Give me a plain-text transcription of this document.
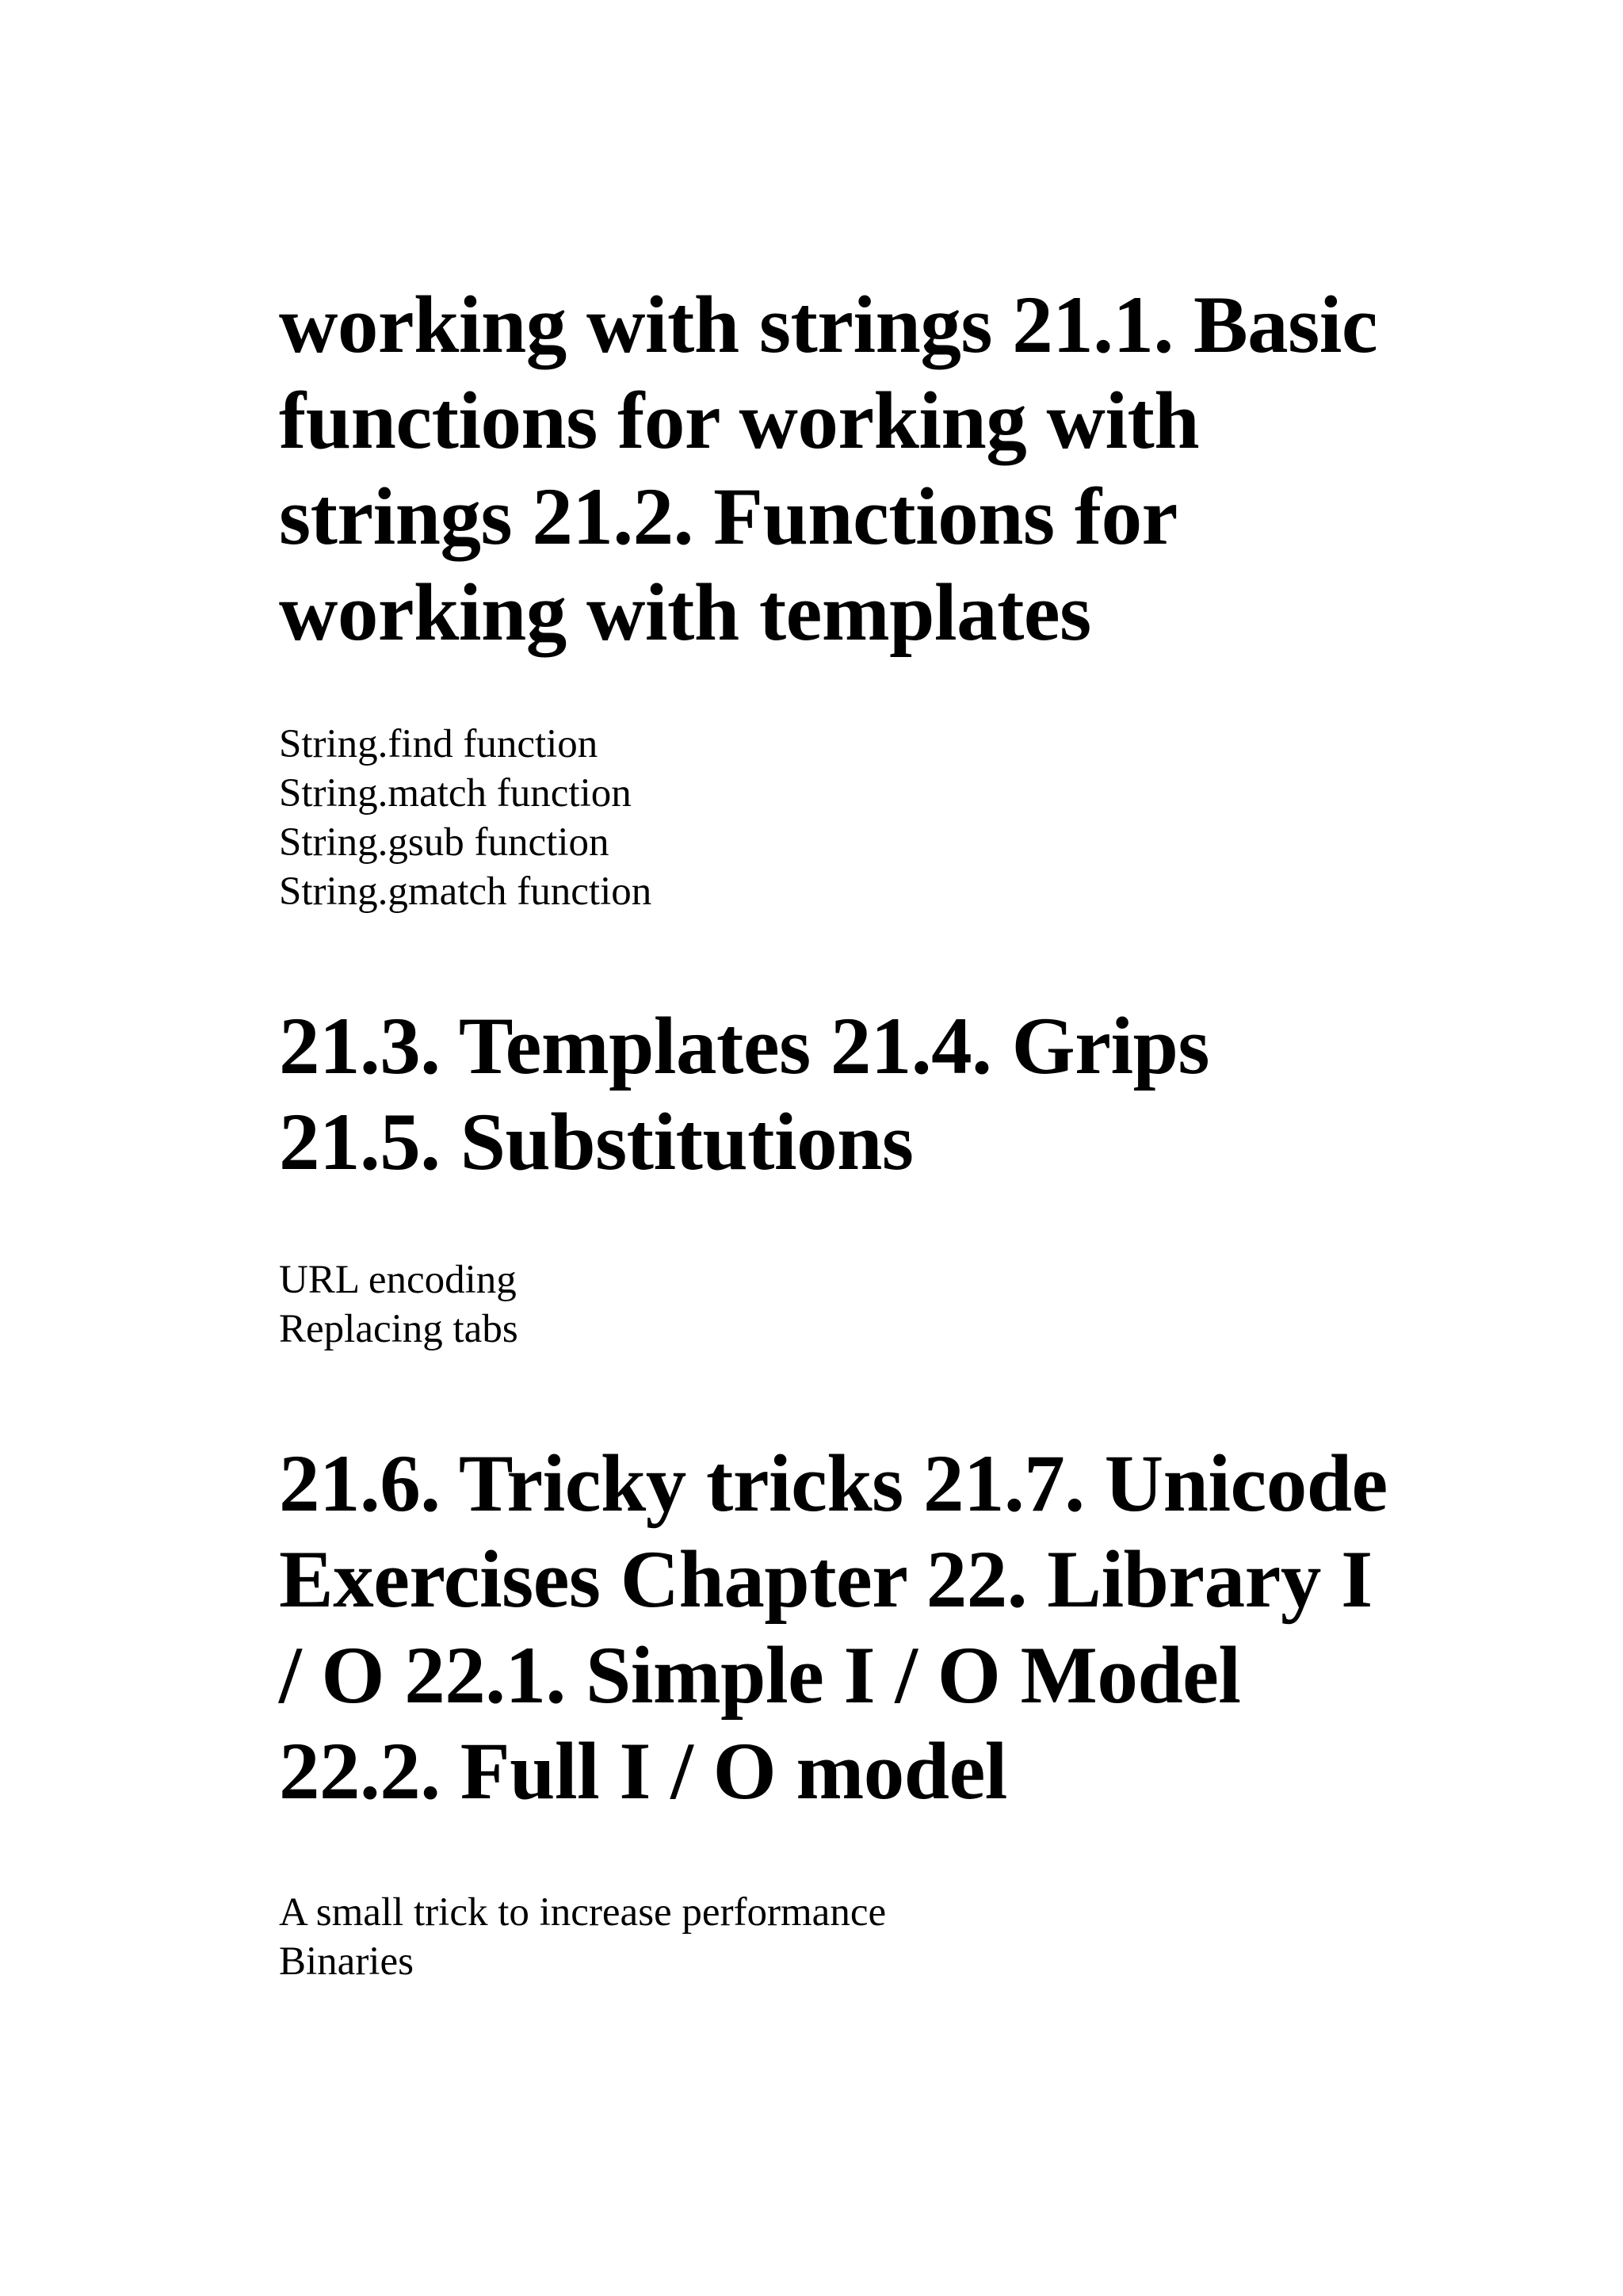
working with strings 21.1. Basic functions for working with strings 21.2. Functions for working with templates
String.find function
String.match function
String.gsub function
String.gmatch function
21.3. Templates 21.4. Grips 21.5. Substitutions
URL encoding
Replacing tabs
21.6. Tricky tricks 21.7. Unicode Exercises Chapter 22. Library I / O 22.1. Simple I / O Model 22.2. Full I / O model
A small trick to increase performance
Binaries
